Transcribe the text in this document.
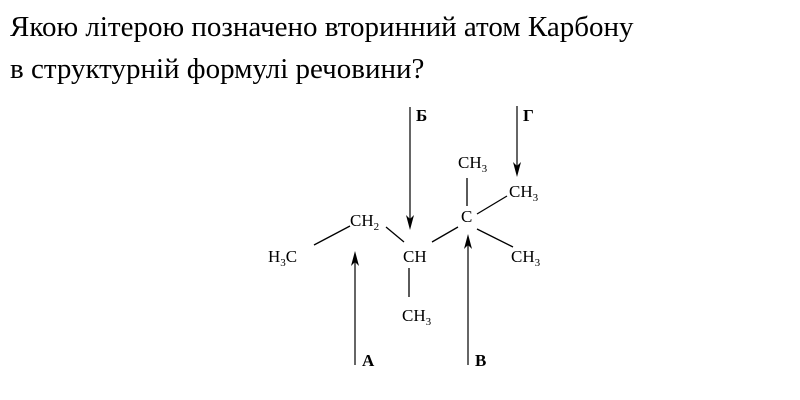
Якою літерою позначено вторинний атом Карбону
в структурній формулі речовини?
$H_3C$
$CH_2$
CH
$CH_3$
C
$CH_3$
$CH_3$
$CH_3$
А
Б
В
Г
